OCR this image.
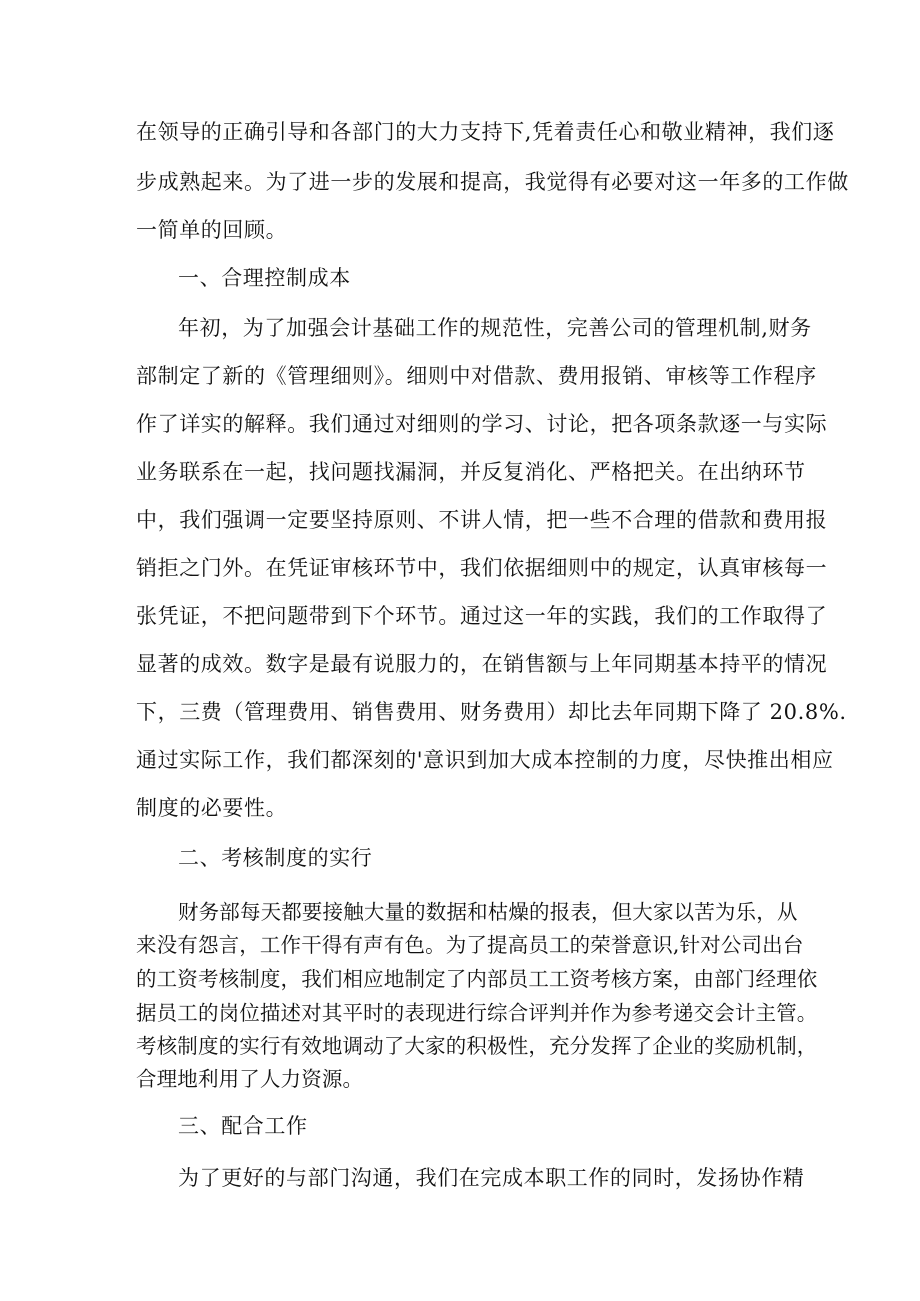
在领导的正确引导和各部门的大力支持下,凭着责任心和敬业精神，我们逐
步成熟起来。为了进一步的发展和提高，我觉得有必要对这一年多的工作做
一简单的回顾。
一、合理控制成本
年初，为了加强会计基础工作的规范性，完善公司的管理机制,财务
部制定了新的《管理细则》。细则中对借款、费用报销、审核等工作程序
作了详实的解释。我们通过对细则的学习、讨论，把各项条款逐一与实际
业务联系在一起，找问题找漏洞，并反复消化、严格把关。在出纳环节
中，我们强调一定要坚持原则、不讲人情，把一些不合理的借款和费用报
销拒之门外。在凭证审核环节中，我们依据细则中的规定，认真审核每一
张凭证，不把问题带到下个环节。通过这一年的实践，我们的工作取得了
显著的成效。数字是最有说服力的，在销售额与上年同期基本持平的情况
下，三费（管理费用、销售费用、财务费用）却比去年同期下降了 20.8%.
通过实际工作，我们都深刻的'意识到加大成本控制的力度，尽快推出相应
制度的必要性。
二、考核制度的实行
财务部每天都要接触大量的数据和枯燥的报表，但大家以苦为乐，从
来没有怨言，工作干得有声有色。为了提高员工的荣誉意识,针对公司出台
的工资考核制度，我们相应地制定了内部员工工资考核方案，由部门经理依
据员工的岗位描述对其平时的表现进行综合评判并作为参考递交会计主管。
考核制度的实行有效地调动了大家的积极性，充分发挥了企业的奖励机制，
合理地利用了人力资源。
三、配合工作
为了更好的与部门沟通，我们在完成本职工作的同时，发扬协作精
